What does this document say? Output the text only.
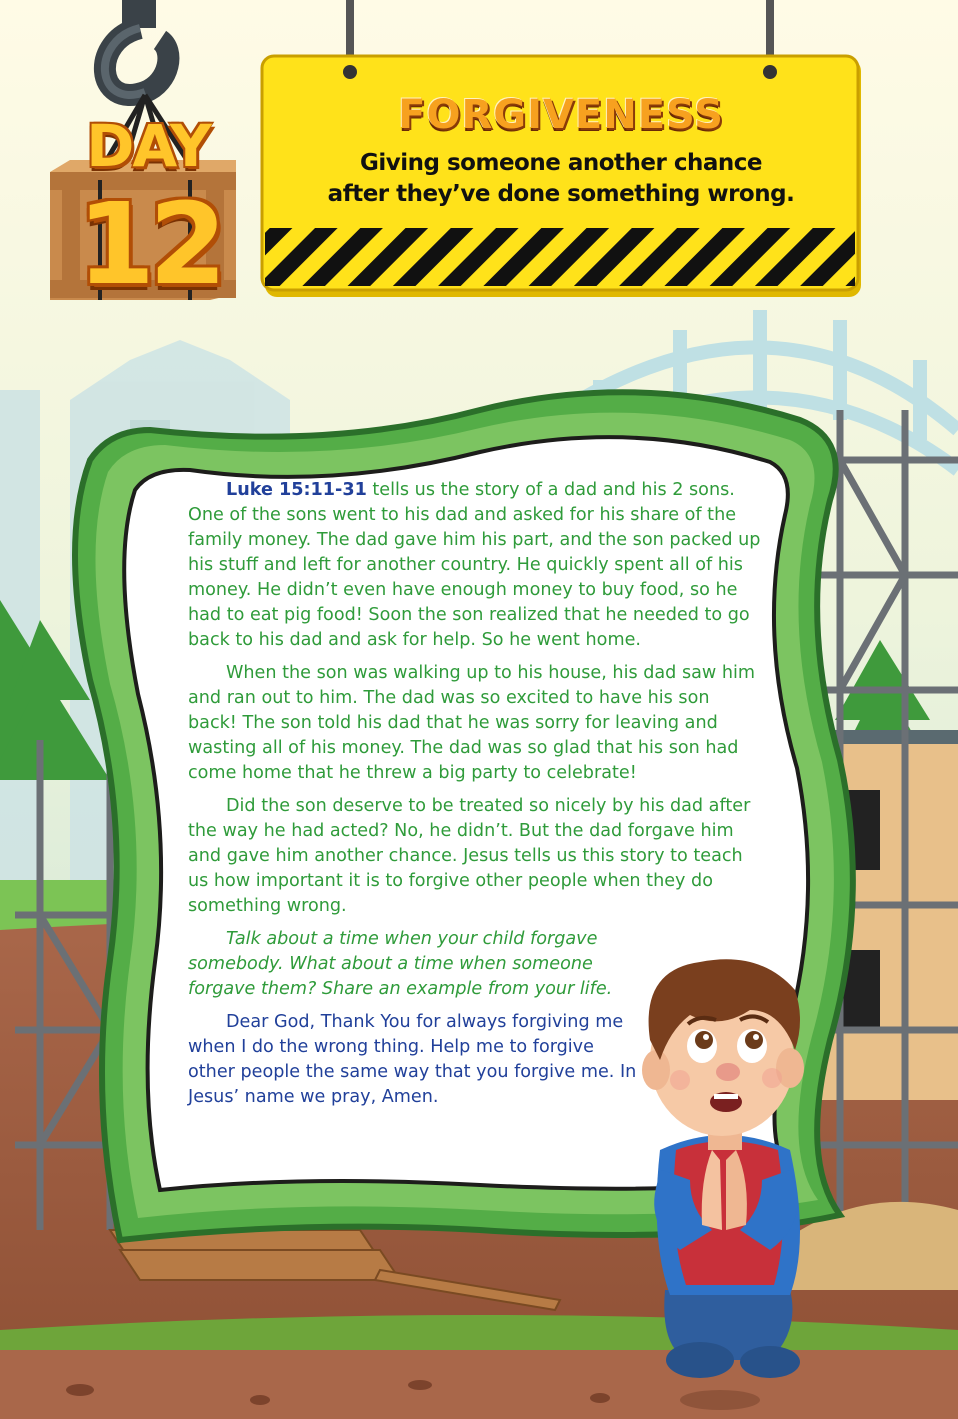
DAY
12
FORGIVENESS
Giving someone another chance
after they’ve done something wrong.

Luke 15:11-31 tells us the story of a dad and his 2 sons. One of the sons went to his dad and asked for his share of the family money. The dad gave him his part, and the son packed up his stuff and left for another country. He quickly spent all of his money. He didn’t even have enough money to buy food, so he had to eat pig food! Soon the son realized that he needed to go back to his dad and ask for help. So he went home.

When the son was walking up to his house, his dad saw him and ran out to him. The dad was so excited to have his son back! The son told his dad that he was sorry for leaving and wasting all of his money. The dad was so glad that his son had come home that he threw a big party to celebrate!

Did the son deserve to be treated so nicely by his dad after the way he had acted? No, he didn’t. But the dad forgave him and gave him another chance. Jesus tells us this story to teach us how important it is to forgive other people when they do something wrong.

Talk about a time when your child forgave somebody. What about a time when someone forgave them? Share an example from your life.

Dear God, Thank You for always forgiving me when I do the wrong thing. Help me to forgive other people the same way that you forgive me. In Jesus’ name we pray, Amen.
